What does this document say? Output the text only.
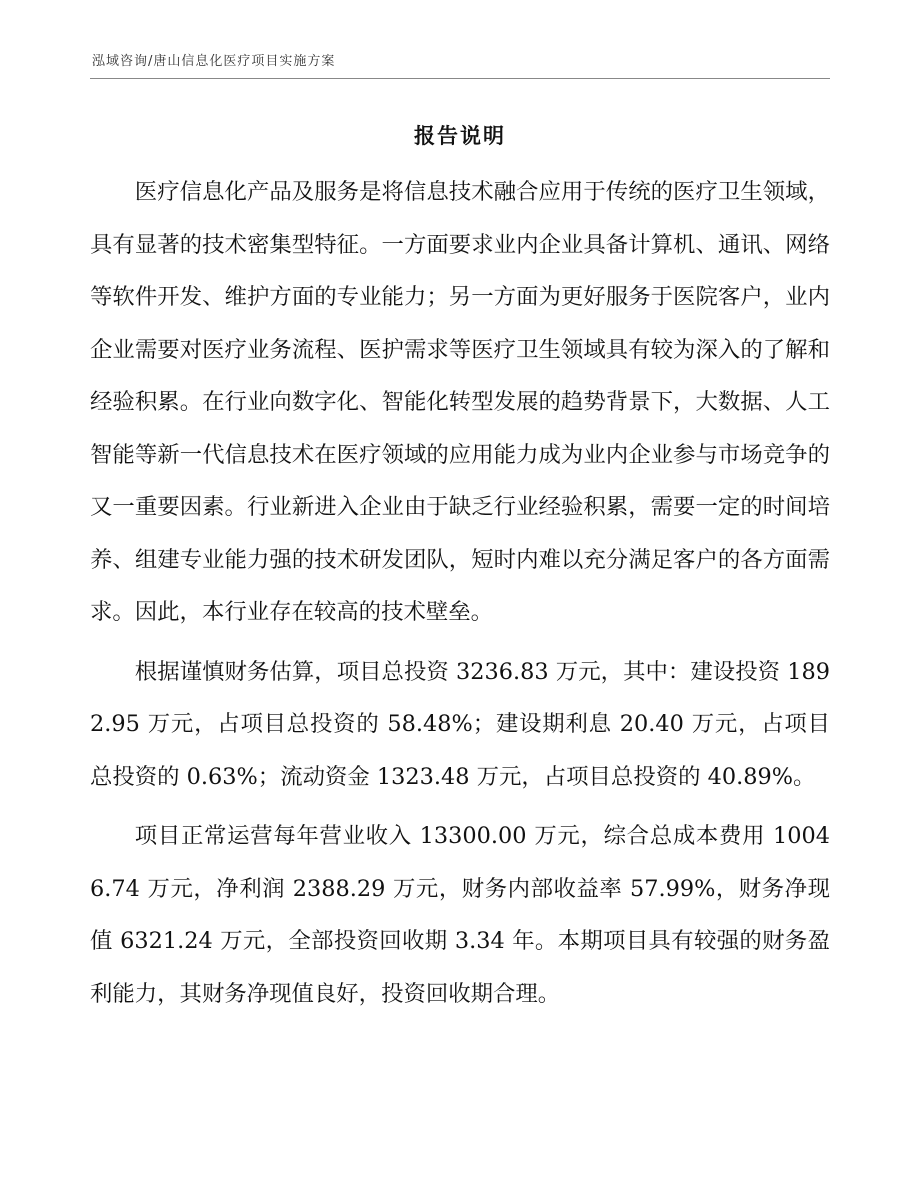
泓域咨询/唐山信息化医疗项目实施方案
报告说明

医疗信息化产品及服务是将信息技术融合应用于传统的医疗卫生领域，具有显著的技术密集型特征。一方面要求业内企业具备计算机、通讯、网络等软件开发、维护方面的专业能力；另一方面为更好服务于医院客户，业内企业需要对医疗业务流程、医护需求等医疗卫生领域具有较为深入的了解和经验积累。在行业向数字化、智能化转型发展的趋势背景下，大数据、人工智能等新一代信息技术在医疗领域的应用能力成为业内企业参与市场竞争的又一重要因素。行业新进入企业由于缺乏行业经验积累，需要一定的时间培养、组建专业能力强的技术研发团队，短时内难以充分满足客户的各方面需求。因此，本行业存在较高的技术壁垒。

根据谨慎财务估算，项目总投资 3236.83 万元，其中：建设投资 1892.95 万元，占项目总投资的 58.48%；建设期利息 20.40 万元，占项目总投资的 0.63%；流动资金 1323.48 万元，占项目总投资的 40.89%。

项目正常运营每年营业收入 13300.00 万元，综合总成本费用 10046.74 万元，净利润 2388.29 万元，财务内部收益率 57.99%，财务净现值 6321.24 万元，全部投资回收期 3.34 年。本期项目具有较强的财务盈利能力，其财务净现值良好，投资回收期合理。
